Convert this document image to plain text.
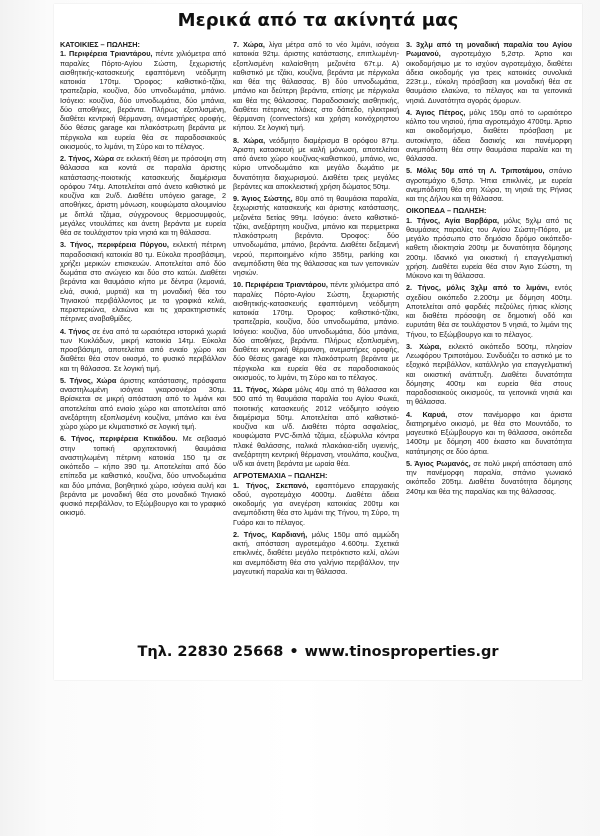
Μερικά από τα ακίνητά μας

ΚΑΤΟΙΚΙΕΣ – ΠΩΛΗΣΗ:

1. Περιφέρεια Τριαντάρου, πέντε χιλιόμετρα από παραλίες Πόρτο-Αγίου Σώστη, ξεχωριστής αισθητικής-κατασκευής εφαπτόμενη νεόδμητη κατοικία 170τμ. Όροφος: καθιστικό-τζάκι, τραπεζαρία, κουζίνα, δύο υπνοδωμάτια, μπάνιο. Ισόγειο: κουζίνα, δύο υπνοδωμάτια, δύο μπάνια, δύο αποθήκες, βεράντα. Πλήρως εξοπλισμένη, διαθέτει κεντρική θέρμανση, ανεμιστήρες οροφής, δύο θέσεις garage και πλακόστρωτη βεράντα με πέργκολα και ευρεία θέα σε παραδοσιακούς οικισμούς, το λιμάνι, τη Σύρο και το πέλαγος.

2. Τήνος, Χώρα σε εκλεκτή θέση με πρόσοψη στη θάλασσα και κοντά σε παραλία άριστης κατάστασης-ποιοτικής κατασκευής διαμέρισμα ορόφου 74τμ. Αποτελείται από άνετο καθιστικό με κουζίνα και 2υ/δ. Διαθέτει υπόγειο garage, 2 αποθήκες, άριστη μόνωση, κουφώματα αλουμινίου με διπλά τζάμια, σύγχρονους θερμοσυμφούς, μεγάλες ντουλάπες και άνετη βεράντα με ευρεία θέα σε τουλάχιστον τρία νησιά και τη θάλασσα.

3. Τήνος, περιφέρεια Πύργου, εκλεκτή πέτρινη παραδοσιακή κατοικία 80 τμ. Εύκολα προσβάσιμη, χρήζει μερικών επισκευών. Αποτελείται από δύο δωμάτια στο ανώγειο και δύο στο κατώι. Διαθέτει βεράντα και θαυμάσιο κήπο με δέντρα (λεμονιά, ελιά, συκιά, μυρτιά) και τη μοναδική θέα του Τηνιακού περιβάλλοντος με τα γραφικά κελιά, περιστεριώνα, ελαιώνα και τις χαρακτηριστικές πέτρινες αναβαθμίδες.

4. Τήνος σε ένα από τα ωραιότερα ιστορικά χωριά των Κυκλάδων, μικρή κατοικία 14τμ. Εύκολα προσβάσιμη, αποτελείται από ενιαίο χώρο και διαθέτει θέα στον οικισμό, το φυσικό περιβάλλον και τη θάλασσα. Σε λογική τιμή.

5. Τήνος, Χώρα άριστης κατάστασης, πρόσφατα αναστηλωμένη ισόγεια γκαρσονιέρα 30τμ. Βρίσκεται σε μικρή απόσταση από το λιμάνι και αποτελείται από ενιαίο χώρο και αποτελείται από ανεξάρτητη εξοπλισμένη κουζίνα, μπάνιο και ένα χώρο χώρο με κλιματιστικό σε λογική τιμή.

6. Τήνος, περιφέρεια Κτικάδου. Με σεβασμό στην τοπική αρχιτεκτονική θαυμάσια αναστηλωμένη πέτρινη κατοικία 150 τμ σε οικόπεδο – κήπο 390 τμ. Αποτελείται από δύο επίπεδα με καθιστικό, κουζίνα, δύο υπνοδωμάτια και δύο μπάνια, βοηθητικό χώρο, ισόγεια αυλή και βεράντα με μοναδική θέα στο μοναδικό Τηνιακό φυσικό περιβάλλον, το Εξώμβουργο και το γραφικό οικισμό.

7. Χώρα, λίγα μέτρα από το νέο λιμάνι, ισόγεια κατοικία 92τμ. άριστης κατάστασης, επιπλωμένη-εξοπλισμένη καλαίσθητη μεζονέτα 67τ.μ. Α) καθιστικό με τζάκι, κουζίνα, βεράντα με πέργκολα και θέα της θάλασσας. Β) δύο υπνοδωμάτια, μπάνιο και δεύτερη βεράντα, επίσης με πέργκολα και θέα της θάλασσας. Παραδοσιακής αισθητικής, διαθέτει πέτρινες πλάκες στο δάπεδο, ηλεκτρική θέρμανση (convectors) και χρήση κοινόχρηστου κήπου. Σε λογική τιμή.

8. Χώρα, νεόδμητο διαμέρισμα Β ορόφου 87τμ. Άριστη κατασκευή με καλή μόνωση, αποτελείται από άνετο χώρο κουζίνας-καθιστικού, μπάνιο, wc, κύριο υπνοδωμάτιο και μεγάλο δωμάτιο με δυνατότητα διαχωρισμού. Διαθέτει τρεις μεγάλες βεράντες και αποκλειστική χρήση δώματος 50τμ.

9. Άγιος Σώστης, 80μ από τη θαυμάσια παραλία, ξεχωριστής κατασκευής και άριστης κατάστασης, μεζονέτα 5ετίας 99τμ. Ισόγειο: άνετο καθιστικό-τζάκι, ανεξάρτητη κουζίνα, μπάνιο και περιμετρικα πλακόστρωτη βεράντα. Όροφος: δύο υπνοδωμάτια, μπάνιο, βεράντα. Διαθέτει δεξαμενή νερού, περιποιημένο κήπο 355τμ, parking και ανεμπόδιστη θέα της θάλασσας και των γειτονικών νησιών.

10. Περιφέρεια Τριαντάρου, πέντε χιλιόμετρα από παραλίες Πόρτο-Αγίου Σώστη, ξεχωριστής αισθητικής-κατασκευής εφαπτόμενη νεόδμητη κατοικία 170τμ. Όροφος: καθιστικό-τζάκι, τραπεζαρία, κουζίνα, δύο υπνοδωμάτια, μπάνιο. Ισόγειο: κουζίνα, δύο υπνοδωμάτια, δύο μπάνια, δύο αποθήκες, βεράντα. Πλήρως εξοπλισμένη, διαθέτει κεντρική θέρμανση, ανεμιστήρες οροφής, δύο θέσεις garage και πλακόστρωτη βεράντα με πέργκολα και ευρεία θέα σε παραδοσιακούς οικισμούς, το λιμάνι, τη Σύρο και το πέλαγος.

11. Τήνος, Χώρα μόλις 40μ από τη θάλασσα και 500 από τη θαυμάσια παραλία του Αγίου Φωκά, ποιοτικής κατασκευής 2012 νεόδμητο ισόγειο διαμέρισμα 50τμ. Αποτελείται από καθιστικό-κουζίνα και υ/δ. Διαθέτει πόρτα ασφαλείας, κουφώματα PVC-διπλά τζάμια, εξώφυλλα κόντρα πλακέ θαλάσσης, ιταλικά πλακάκια-είδη υγιεινής, ανεξάρτητη κεντρική θέρμανση, ντουλάπα, κουζίνα, υ/δ και άνετη βεράντα με ωραία θέα.

ΑΓΡΟΤΕΜΑΧΙΑ – ΠΩΛΗΣΗ:

1. Τήνος, Σκεπανό, εφαπτόμενο επαρχιακής οδού, αγροτεμάχιο 4000τμ. Διαθέτει άδεια οικοδομής για ανεγέρση κατοικίας 200τμ και ανεμπόδιστη θέα στο λιμάνι της Τήνου, τη Σύρο, τη Γυάρο και το πέλαγος.

2. Τήνος, Καρδιανή, μόλις 150μ από αμμώδη ακτή, απόσταση αγροτεμάχιο 4.600τμ. Σχετικά επικλινές, διαθέτει μεγάλο πετρόκτιστο κελί, αλώνι και ανεμπόδιστη θέα στο γαλήνιο περιβάλλον, την μαγευτική παραλία και τη θάλασσα.

3. 3χλμ από τη μοναδική παραλία του Αγίου Ρωμανού, αγροτεμάχιο 5,2στρ. Άρτιο και οικοδομήσιμο με το ισχύον αγροτεμάχιο, διαθέτει άδεια οικοδομής για τρεις κατοικίες συνολικά 223τ.μ., εύκολη πρόσβαση και μοναδική θέα σε θαυμάσιο ελαιώνα, το πέλαγος και τα γειτονικά νησιά. Δυνατότητα αγοράς όμορων.

4. Άγιος Πέτρος, μόλις 150μ από το ωραιότερο κόλπο του νησιού, ήπια αγροτεμάχιο 4700τμ. Άρτιο και οικοδομήσιμο, διαθέτει πρόσβαση με αυτοκίνητο, άδεια δασικής και πανέμορφη ανεμπόδιστη θέα στην θαυμάσια παραλία και τη θάλασσα.

5. Μόλις 50μ από τη Λ. Τριποτάμου, σπάνιο αγροτεμάχιο 6,5στρ. Ήπια επικλινές, με ευρεία ανεμπόδιστη θέα στη Χώρα, τη νησιά της Ρήνιας και της Δήλου και τη θάλασσα.

ΟΙΚΟΠΕΔΑ – ΠΩΛΗΣΗ:

1. Τήνος, Αγία Βαρβάρα, μόλις 5χλμ από τις θαυμάσιες παραλίες του Αγίου Σώστη-Πόρτο, με μεγάλο πρόσωπο στο δημόσιο δρόμο οικόπεδο-καθετη ιδιοκτησία 200τμ με δυνατότητα δόμησης 200τμ. Ιδανικό για οικιστική ή επαγγελματική χρήση. Διαθέτει ευρεία θέα στον Άγιο Σώστη, τη Μύκονο και τη θάλασσα.

2. Τήνος, μόλις 3χλμ από το λιμάνι, εντός σχεδίου οικόπεδο 2.200τμ με δόμηση 400τμ. Αποτελείται από φαρδιές πεζούλες ήπιας κλίσης και διαθέτει πρόσοψη σε δημοτική οδό και ευρυτάτη θέα σε τουλάχιστον 5 νησιά, το λιμάνι της Τήνου, το Εξώμβουργο και το πέλαγος.

3. Χώρα, εκλεκτό οικόπεδο 500τμ, πλησίον Λεωφόρου Τριποτάμου. Συνδυάζει το αστικό με το εξοχικό περιβάλλον, κατάλληλο για επαγγελματική και οικιστική ανάπτυξη. Διαθέτει δυνατότητα δόμησης 400τμ και ευρεία θέα στους παραδοσιακούς οικισμούς, τα γειτονικά νησιά και τη θάλασσα.

4. Καρυά, στον πανέμορφο και άριστα διατηρημένο οικισμό, με θέα στο Μουντάδο, το μαγευτικό Εξώμβουργο και τη θάλασσα, οικόπεδα 1400τμ με δόμηση 400 έκαστο και δυνατότητα κατάτμησης σε δύο άρτια.

5. Άγιος Ρωμανός, σε πολύ μικρή απόσταση από την πανέμορφη παραλία, σπάνιο γωνιακό οικόπεδο 205τμ. Διαθέτει δυνατότητα δόμησης 240τμ και θέα της παραλίας και της θάλασσας.

Τηλ. 22830 25668 • www.tinosproperties.gr
